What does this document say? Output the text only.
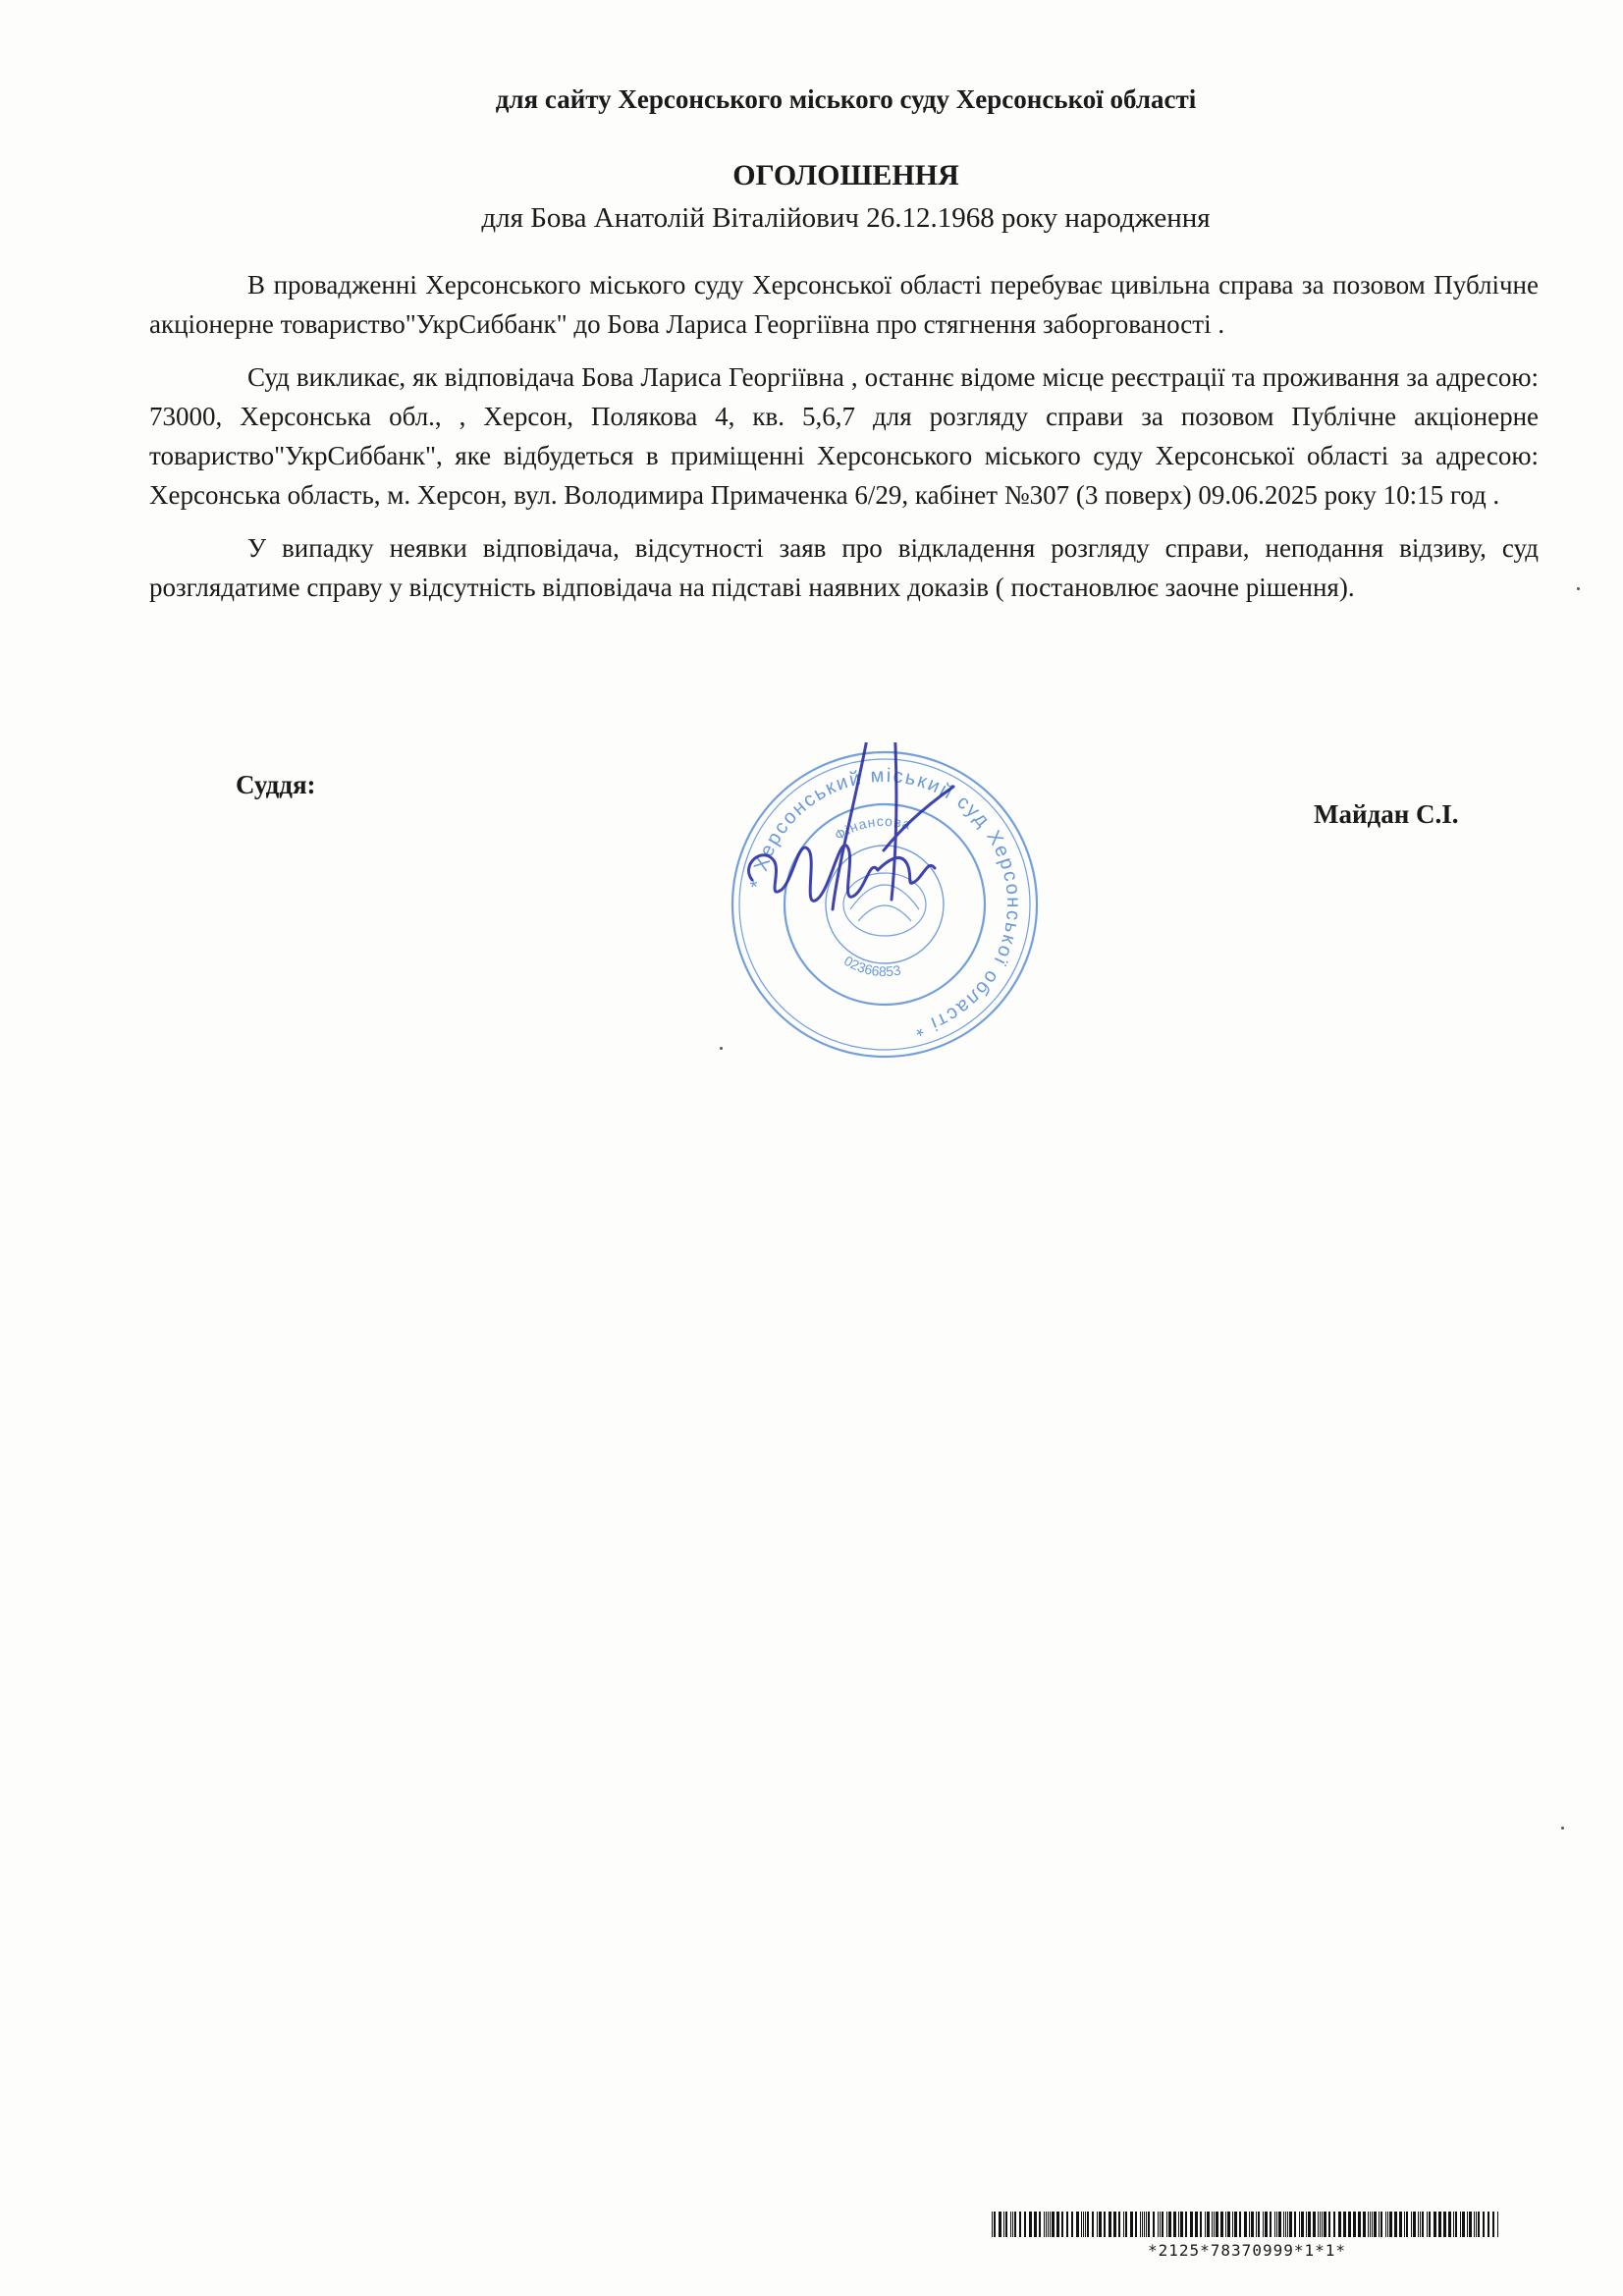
для сайту Херсонського міського суду Херсонської області
ОГОЛОШЕННЯ
для Бова Анатолій Віталійович 26.12.1968 року народження

В провадженні Херсонського міського суду Херсонської області перебуває цивільна справа за позовом Публічне акціонерне товариство"УкрСиббанк" до Бова Лариса Георгіївна про стягнення заборгованості .

Суд викликає, як відповідача Бова Лариса Георгіївна , останнє відоме місце реєстрації та проживання за адресою: 73000, Херсонська обл., , Херсон, Полякова 4, кв. 5,6,7 для розгляду справи за позовом Публічне акціонерне товариство"УкрСиббанк", яке відбудеться в приміщенні Херсонського міського суду Херсонської області за адресою: Херсонська область, м. Херсон, вул. Володимира Примаченка 6/29, кабінет №307 (3 поверх) 09.06.2025 року 10:15 год .

У випадку неявки відповідача, відсутності заяв про відкладення розгляду справи, неподання відзиву, суд розглядатиме справу у відсутність відповідача на підставі наявних доказів ( постановлює заочне рішення).

Суддя:
* Херсонський міський суд Херсонської області *
Фінансова
02366853
Майдан С.І.
*2125*78370999*1*1*
